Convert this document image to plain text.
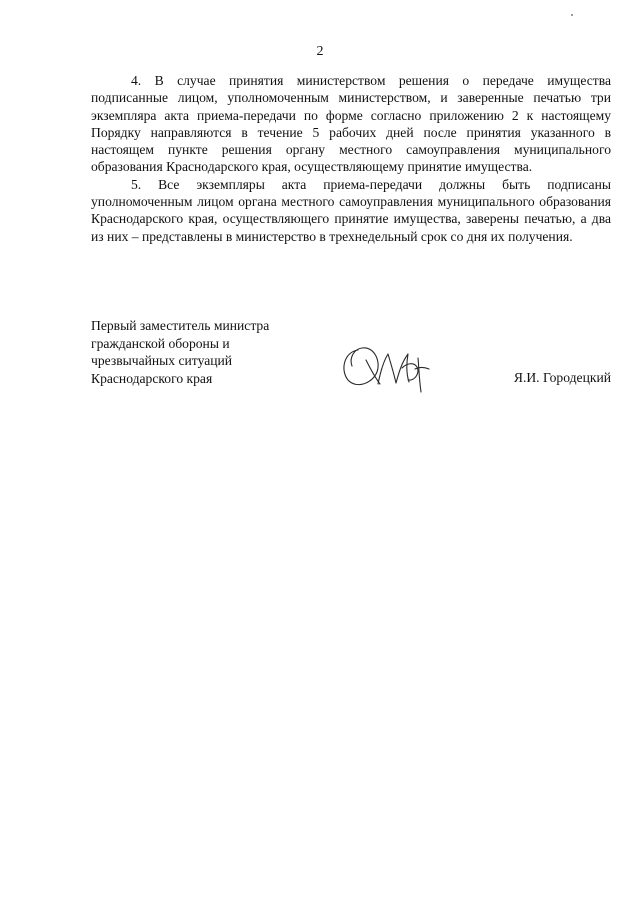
2

4. В случае принятия министерством решения о передаче имущества подписанные лицом, уполномоченным министерством, и заверенные печатью три экземпляра акта приема-передачи по форме согласно приложению 2 к настоящему Порядку направляются в течение 5 рабочих дней после принятия указанного в настоящем пункте решения органу местного самоуправления муниципального образования Краснодарского края, осуществляющему принятие имущества.

5. Все экземпляры акта приема-передачи должны быть подписаны уполномоченным лицом органа местного самоуправления муниципального образования Краснодарского края, осуществляющего принятие имущества, заверены печатью, а два из них – представлены в министерство в трехнедельный срок со дня их получения.

Первый заместитель министра
гражданской обороны и
чрезвычайных ситуаций
Краснодарского края	Я.И. Городецкий
